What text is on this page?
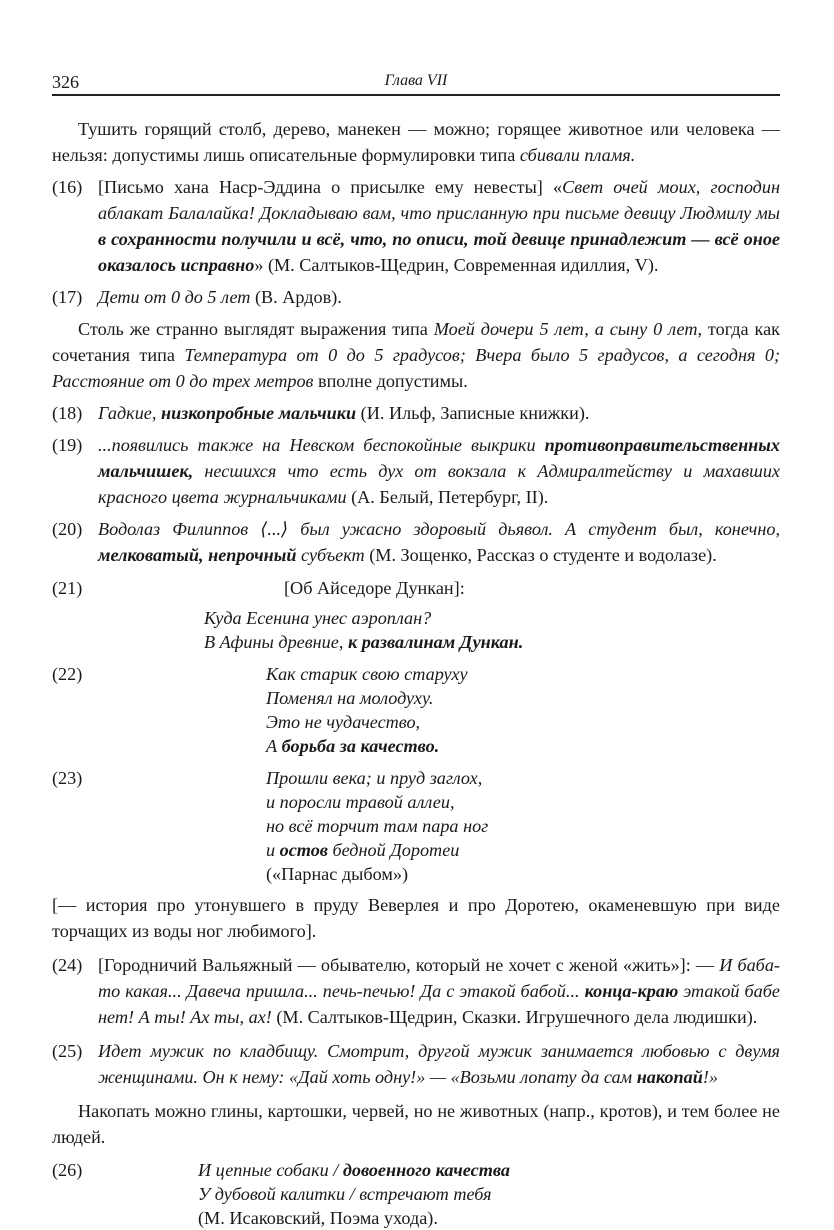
326	Глава VII

Тушить горящий столб, дерево, манекен — можно; горящее животное или человека — нельзя: допустимы лишь описательные формулировки типа сбивали пламя.

(16) [Письмо хана Наср-Эддина о присылке ему невесты] «Свет очей моих, господин аблакат Балалайка! Докладываю вам, что присланную при письме девицу Людмилу мы в сохранности получили и всё, что, по описи, той девице принадлежит — всё оное оказалось исправно» (М. Салтыков-Щедрин, Современная идиллия, V).

(17) Дети от 0 до 5 лет (В. Ардов).

Столь же странно выглядят выражения типа Моей дочери 5 лет, а сыну 0 лет, тогда как сочетания типа Температура от 0 до 5 градусов; Вчера было 5 градусов, а сегодня 0; Расстояние от 0 до трех метров вполне допустимы.

(18) Гадкие, низкопробные мальчики (И. Ильф, Записные книжки).

(19) ...появились также на Невском беспокойные выкрики противоправительственных мальчишек, несшихся что есть дух от вокзала к Адмиралтейству и махавших красного цвета журнальчиками (А. Белый, Петербург, II).

(20) Водолаз Филиппов ⟨...⟩ был ужасно здоровый дьявол. А студент был, конечно, мелковатый, непрочный субъект (М. Зощенко, Рассказ о студенте и водолазе).

(21)	[Об Айседоре Дункан]:
Куда Есенина унес аэроплан?
В Афины древние, к развалинам Дункан.
(22)	Как старик свою старуху
Поменял на молодуху.
Это не чудачество,
А борьба за качество.
(23)	Прошли века; и пруд заглох,
и поросли травой аллеи,
но всё торчит там пара ног
и остов бедной Доротеи
(«Парнас дыбом»)

[— история про утонувшего в пруду Веверлея и про Доротею, окаменевшую при виде торчащих из воды ног любимого].

(24) [Городничий Вальяжный — обывателю, который не хочет с женой «жить»]: — И баба-то какая... Давеча пришла... печь-печью! Да с этакой бабой... конца-краю этакой бабе нет! А ты! Ах ты, ах! (М. Салтыков-Щедрин, Сказки. Игрушечного дела людишки).

(25) Идет мужик по кладбищу. Смотрит, другой мужик занимается любовью с двумя женщинами. Он к нему: «Дай хоть одну!» — «Возьми лопату да сам накопай!»

Накопать можно глины, картошки, червей, но не животных (напр., кротов), и тем более не людей.

(26)	И цепные собаки / довоенного качества
У дубовой калитки / встречают тебя
(М. Исаковский, Поэма ухода).
